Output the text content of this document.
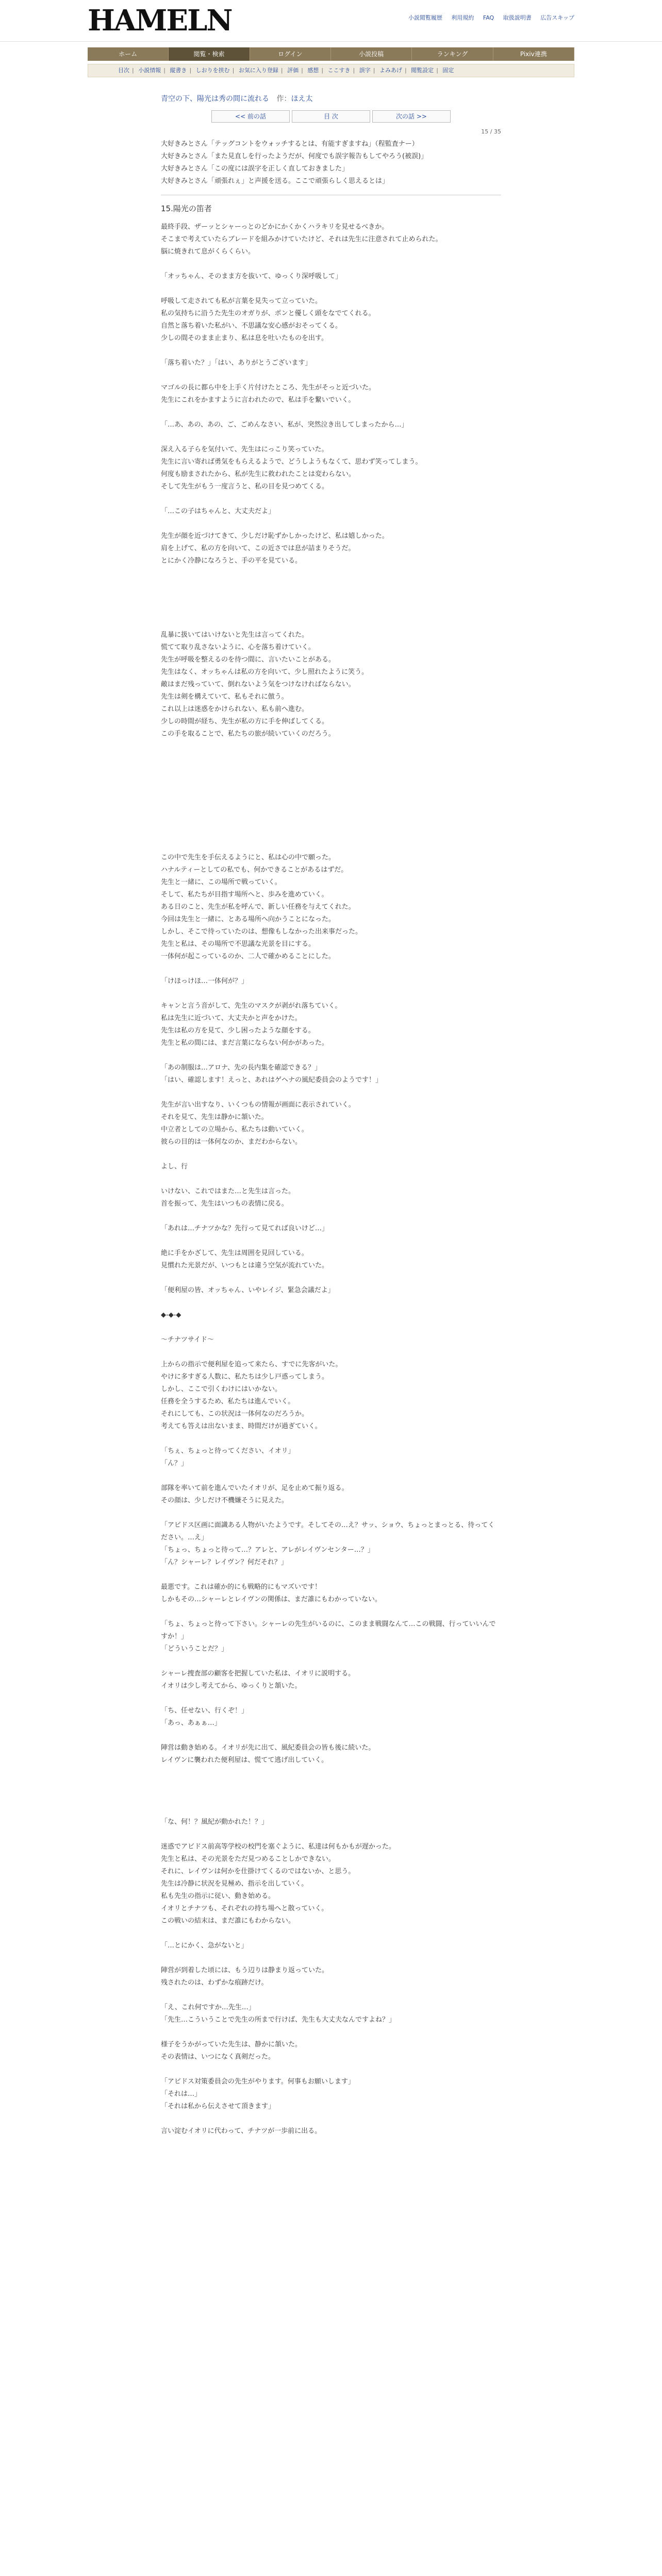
HAMELN	小説閲覧履歴 利用規約 FAQ 取扱説明書 広告スキップ
ホーム	閲覧・検索	ログイン	小説投稿	ランキング	Pixiv連携
目次 | 小説情報 | 縦書き | しおりを挟む | お気に入り登録 | 評価 | 感想 | ここすき | 誤字 | よみあげ | 閲覧設定 | 固定
青空の下、陽光は秀の間に流れる 作：ほえ太
<< 前の話	目 次	次の話 >>
15 / 35

大好きみとさん「テッグコントをウォッチするとは、有能すぎますね」（程監査ナー）

大好きみとさん「また見直しを行ったようだが、何度でも誤字報告もしてやろう(被誤)」

大好きみとさん「この度には誤字を正しく直しておきました」

大好きみとさん「頑張れぇ」と声援を送る。ここで頑張らしく思えるとは」

15.陽光の笛者

最終手段、ザーッとシャーっとのどかにかくかくハラキリを見せるべきか。

そこまで考えていたらブレードを組みかけていたけど、それは先生に注意されて止められた。

脳に焼きれて息がくらくらい。

「オッちゃん、そのまま方を抜いて、ゆっくり深呼吸して」

呼吸して走されても私が言葉を見失って立っていた。

私の気持ちに沿うた先生のオガりが、ポンと優しく頭をなでてくれる。

自然と落ち着いた私がい、不思議な安心感がおそってくる。

少しの間そのまま止まり、私は息を吐いたものを出す。

「落ち着いた？」「はい、ありがとうございます」

マゴルの長に都ら中を上手く片付けたところ、先生がそっと近づいた。

先生にこれをかますように言われたので、私は手を繋いでいく。

「…あ、あの、あの、ご、ごめんなさい、私が、突然泣き出してしまったから…」

深え入る子らを気付いて、先生はにっこり笑っていた。

先生に言い寄れば勇気をもらえるようで、どうしようもなくて、思わず笑ってしまう。

何度も励まされたから、私が先生に救われたことは変わらない。

そして先生がもう一度言うと、私の目を見つめてくる。

「…この子はちゃんと、大丈夫だよ」

先生が顔を近づけてきて、少しだけ恥ずかしかったけど、私は嬉しかった。

肩を上げて、私の方を向いて、この近さでは息が詰まりそうだ。

とにかく冷静になろうと、手の平を見ている。

乱暴に扱いてはいけないと先生は言ってくれた。

慌てて取り乱さないように、心を落ち着けていく。

先生が呼吸を整えるのを待つ間に、言いたいことがある。

先生はなく、オッちゃんは私の方を向いて、少し照れたように笑う。

敵はまだ残っていて、倒れないよう気をつけなければならない。

先生は剣を構えていて、私もそれに倣う。

これ以上は迷惑をかけられない、私も前へ進む。

少しの時間が経ち、先生が私の方に手を伸ばしてくる。

この手を取ることで、私たちの旅が続いていくのだろう。

この中で先生を手伝えるようにと、私は心の中で願った。

ハナルティーとしての私でも、何かできることがあるはずだ。

先生と一緒に、この場所で戦っていく。

そして、私たちが目指す場所へと、歩みを進めていく。

ある日のこと、先生が私を呼んで、新しい任務を与えてくれた。

今回は先生と一緒に、とある場所へ向かうことになった。

しかし、そこで待っていたのは、想像もしなかった出来事だった。

先生と私は、その場所で不思議な光景を目にする。

一体何が起こっているのか、二人で確かめることにした。

「けほっけほ…一体何が？」

キャンと言う音がして、先生のマスクが剥がれ落ちていく。

私は先生に近づいて、大丈夫かと声をかけた。

先生は私の方を見て、少し困ったような顔をする。

先生と私の間には、まだ言葉にならない何かがあった。

「あの制服は…アロナ、先の長内集を確認できる？」

「はい、確認します！えっと、あれはゲヘナの風紀委員会のようです！」

先生が言い出すなり、いくつもの情報が画面に表示されていく。

それを見て、先生は静かに頷いた。

中立者としての立場から、私たちは動いていく。

彼らの目的は一体何なのか、まだわからない。

よし、行

いけない、これではまた…と先生は言った。

首を振って、先生はいつもの表情に戻る。

「あれは…チナツかな？先行って見てれば良いけど…」

絶に手をかざして、先生は周囲を見回している。

見慣れた光景だが、いつもとは違う空気が流れていた。

「便利屋の皆、オッちゃん、いやレイジ、緊急会議だよ」

◆-◆-◆

～チナツサイド～

上からの指示で便利屋を追って来たら、すでに先客がいた。

やけに多すぎる人数に、私たちは少し戸惑ってしまう。

しかし、ここで引くわけにはいかない。

任務を全うするため、私たちは進んでいく。

それにしても、この状況は一体何なのだろうか。

考えても答えは出ないまま、時間だけが過ぎていく。

「ちぇ、ちょっと待ってください、イオリ」

「ん？」

部隊を率いて前を進んでいたイオリが、足を止めて振り返る。

その顔は、少しだけ不機嫌そうに見えた。

「アビドス区画に面識ある人物がいたようです。そしてその…え？サッ、ショウ、ちょっとまっとる、待ってください。…え」

「ちょっ、ちょっと待って…？アレと、アレがレイヴンセンター…？」

「ん？シャーレ？レイヴン？何だそれ？」

最悪です。これは確か的にも戦略的にもマズいです！

しかもその…シャーレとレイヴンの関係は、まだ誰にもわかっていない。

「ちょ、ちょっと待って下さい。シャーレの先生がいるのに、このまま戦闘なんて…この戦闘、行っていいんですか！」

「どういうことだ？」

シャーレ捜査部の顧客を把握していた私は、イオリに説明する。

イオリは少し考えてから、ゆっくりと頷いた。

「ち、任せない、行くぞ！」

「あっ、あぁぁ…」

陣営は動き始める。イオリが先に出て、風紀委員会の皆も後に続いた。

レイヴンに襲われた便利屋は、慌てて逃げ出していく。

「な、何！？風紀が動かれた！？」

迷惑でアビドス前高等学校の校門を塞ぐように、私達は何もかもが遅かった。

先生と私は、その光景をただ見つめることしかできない。

それに、レイヴンは何かを仕掛けてくるのではないか、と思う。

先生は冷静に状況を見極め、指示を出していく。

私も先生の指示に従い、動き始める。

イオリとチナツも、それぞれの持ち場へと散っていく。

この戦いの結末は、まだ誰にもわからない。

「…とにかく、急がないと」

陣営が到着した頃には、もう辺りは静まり返っていた。

残されたのは、わずかな痕跡だけ。

「え、これ何ですか…先生…」

「先生…こういうことで先生の所まで行けば、先生も大丈夫なんですよね？」

様子をうかがっていた先生は、静かに頷いた。

その表情は、いつになく真剣だった。

「アビドス対策委員会の先生がやります。何事もお願いします」

「それは…」

「それは私から伝えさせて頂きます」

言い淀むイオリに代わって、チナツが一歩前に出る。
